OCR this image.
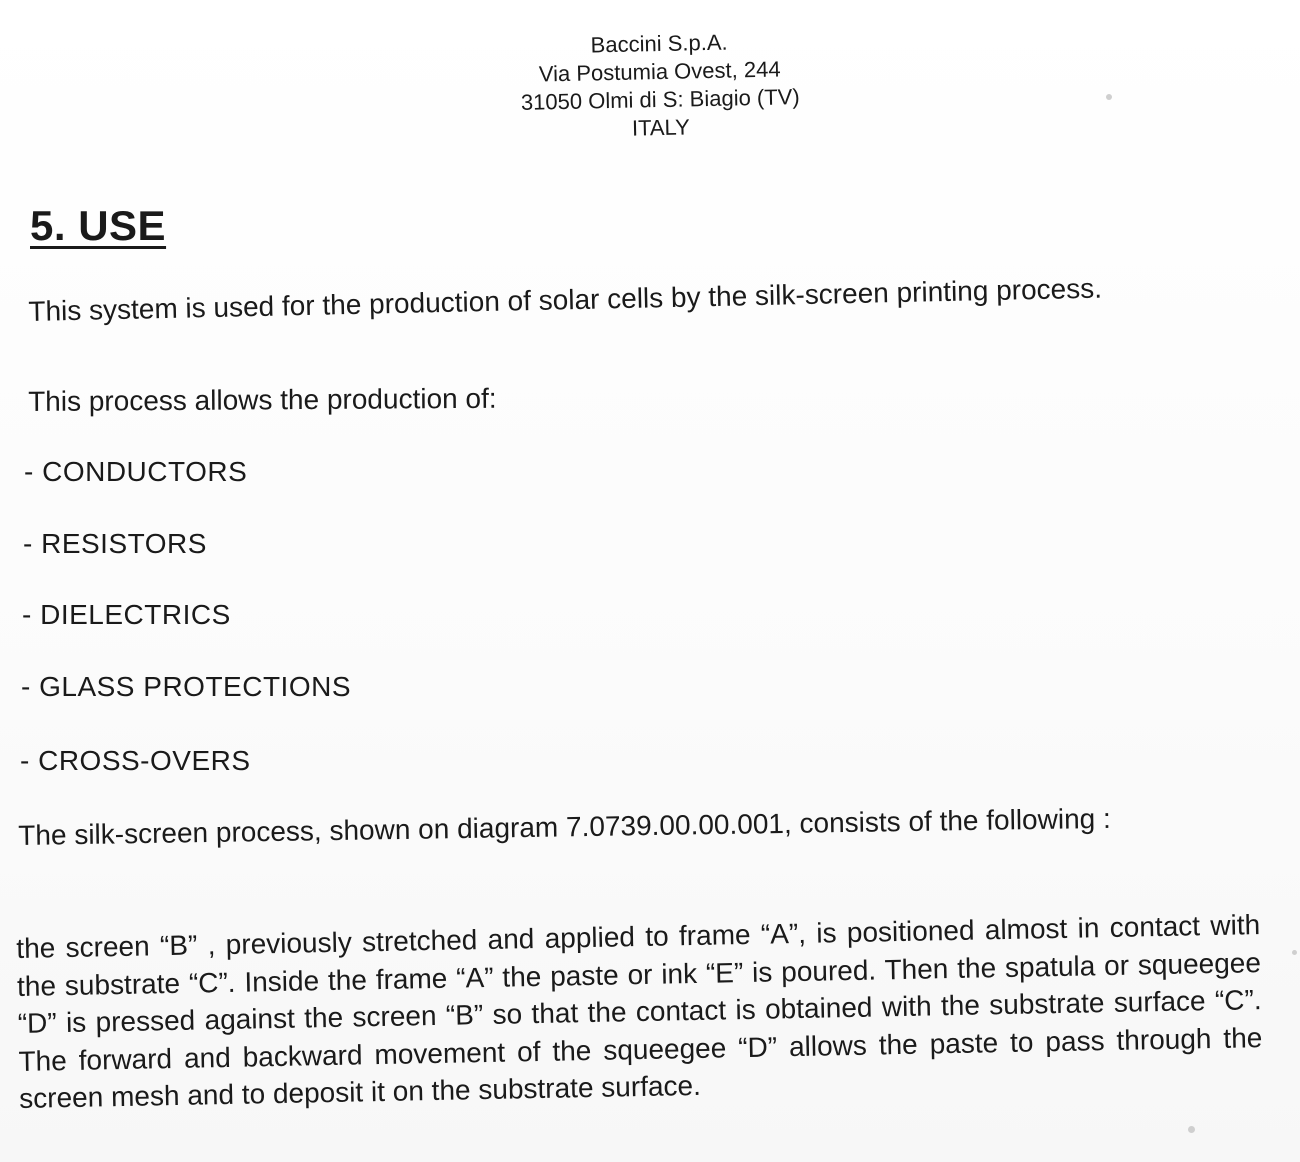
Baccini S.p.A.
Via Postumia Ovest, 244
31050 Olmi di S: Biagio (TV)
ITALY
5. USE
This system is used for the production of solar cells by the silk-screen printing process.
This process allows the production of:
- CONDUCTORS
- RESISTORS
- DIELECTRICS
- GLASS PROTECTIONS
- CROSS-OVERS
The silk-screen process, shown on diagram 7.0739.00.00.001, consists of the following :
the screen “B” , previously stretched and applied to frame “A”, is positioned almost in contact with the substrate “C”. Inside the frame “A” the paste or ink “E” is poured. Then the spatula or squeegee “D” is pressed against the screen “B” so that the contact is obtained with the substrate surface “C”. The forward and backward movement of the squeegee “D” allows the paste to pass through the screen mesh and to deposit it on the substrate surface.
